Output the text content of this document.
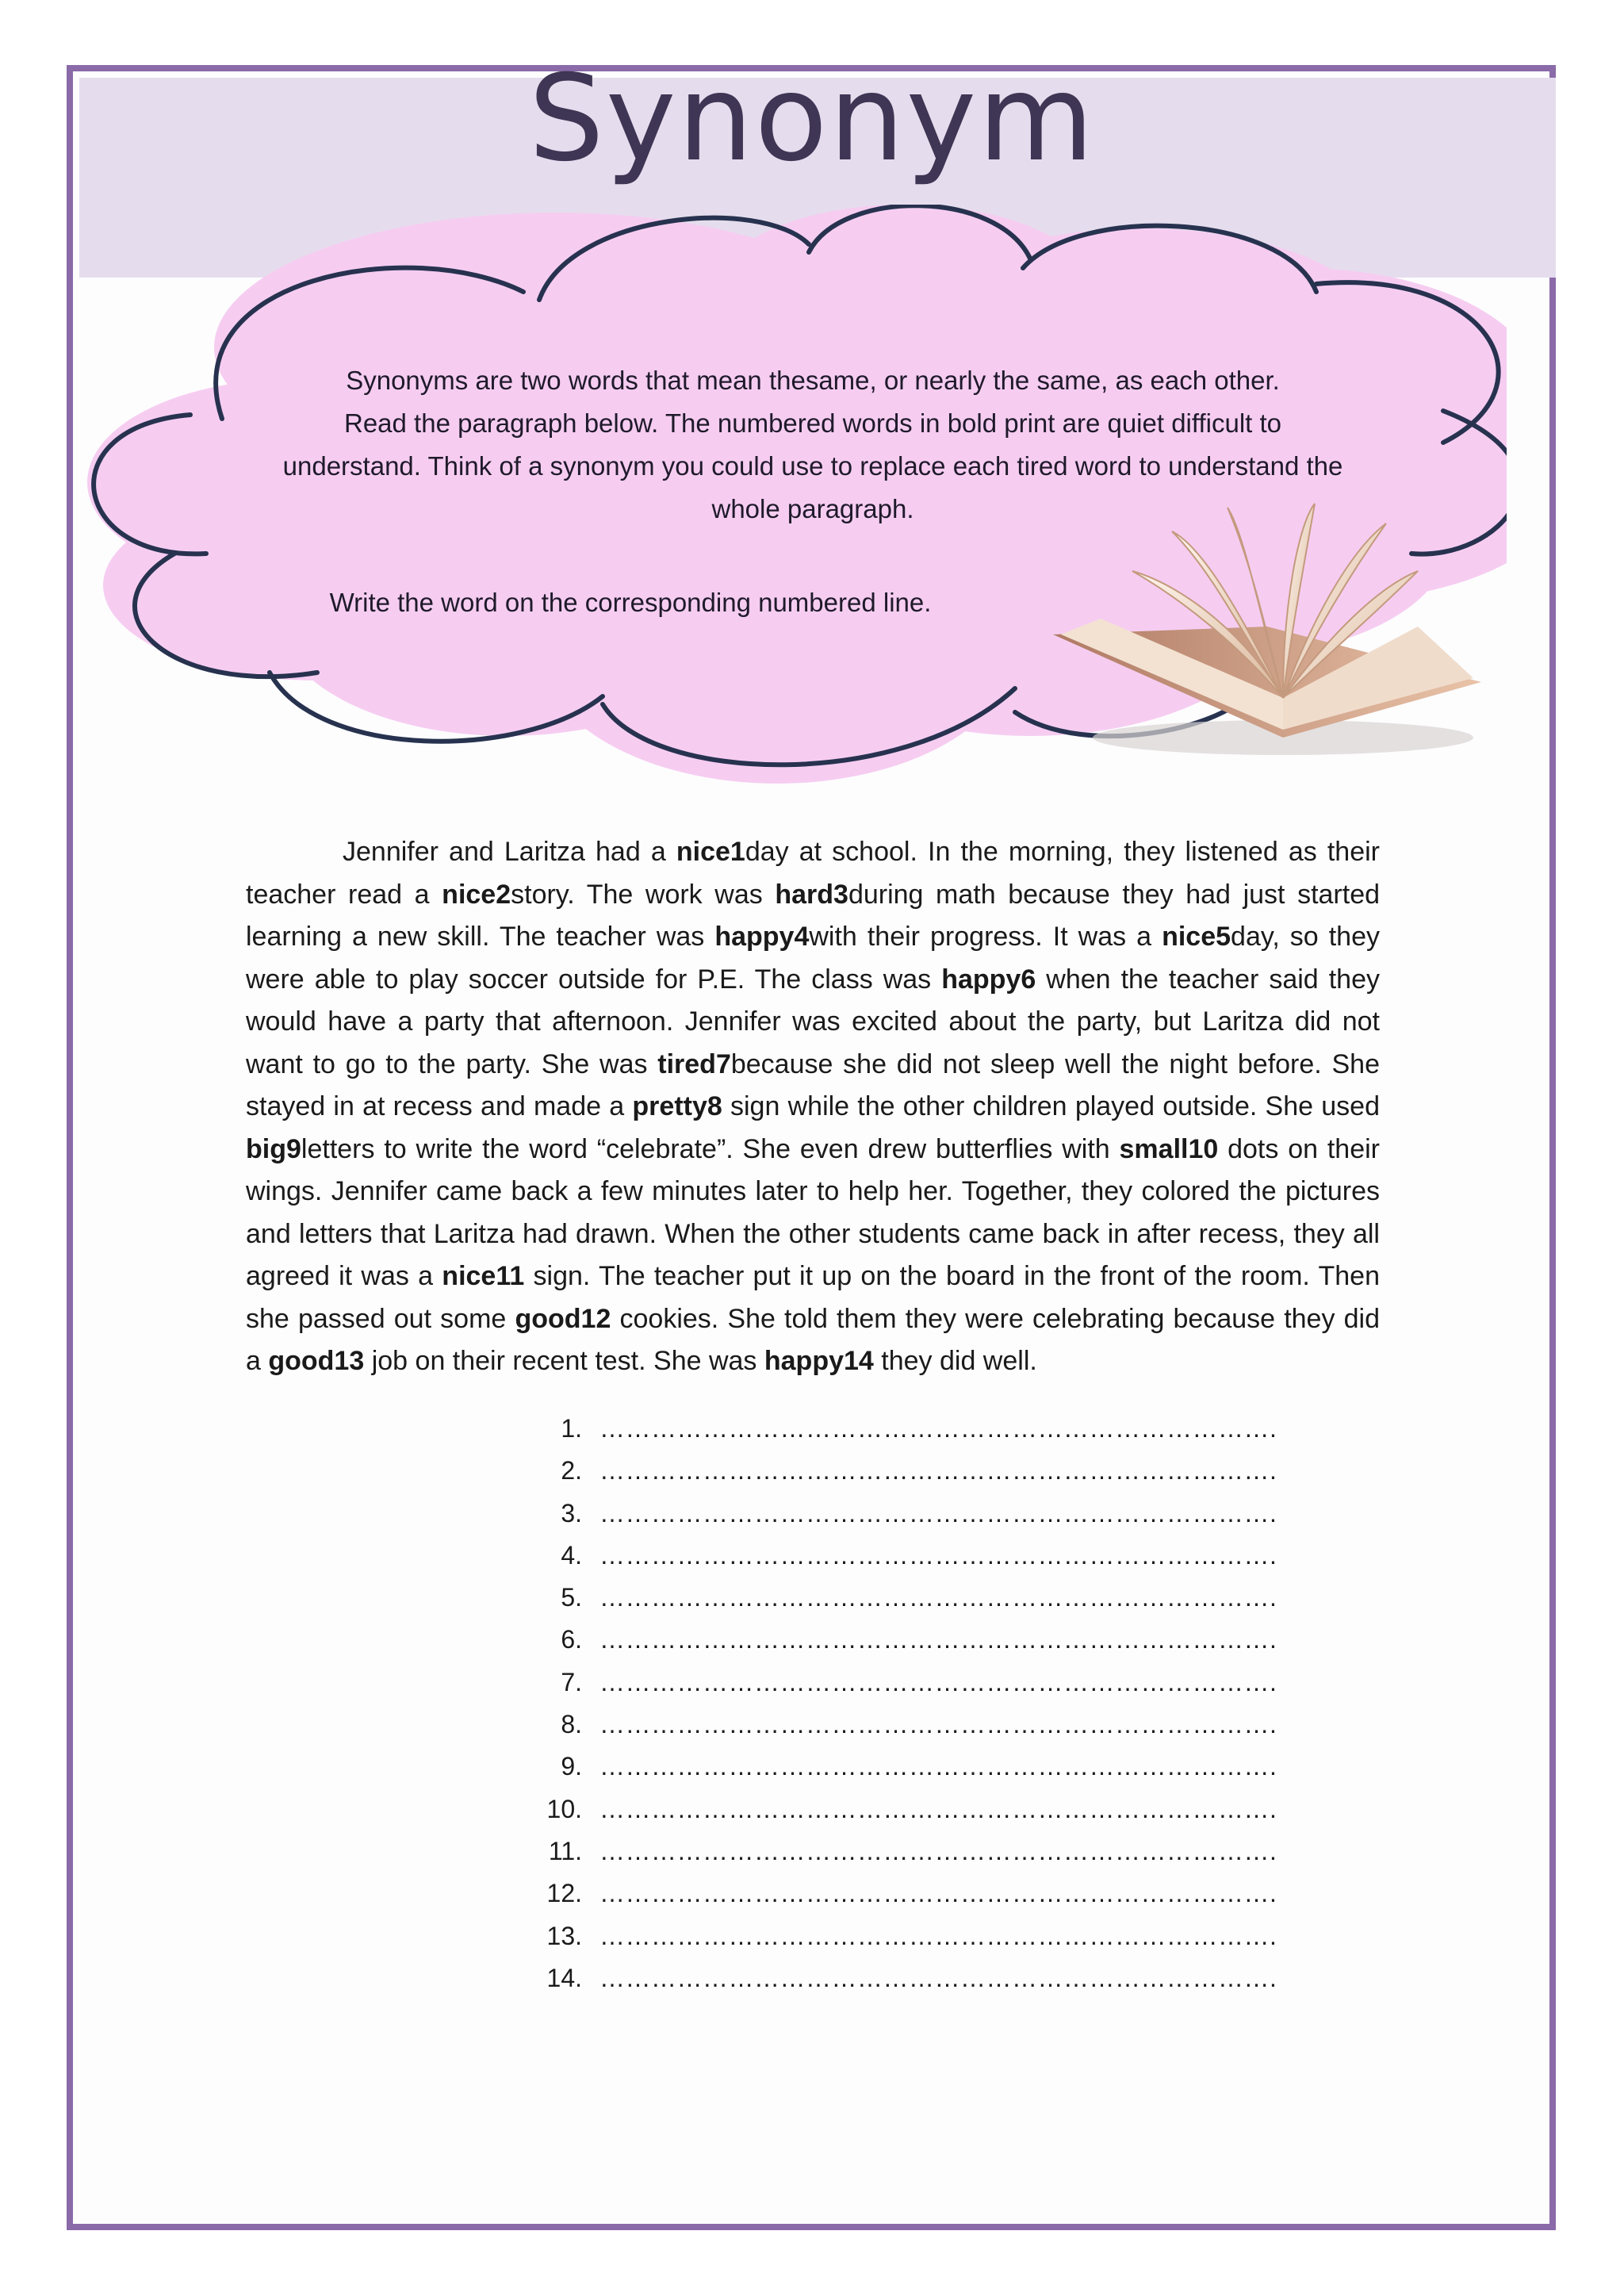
Synonym

Synonyms are two words that mean thesame, or nearly the same, as each other.

Read the paragraph below. The numbered words in bold print are quiet difficult to
understand. Think of a synonym you could use to replace each tired word to understand the
whole paragraph.

Write the word on the corresponding numbered line.

Jennifer and Laritza had a nice1day at school. In the morning, they listened as their teacher read a nice2story. The work was hard3during math because they had just started learning a new skill. The teacher was happy4with their progress. It was a nice5day, so they were able to play soccer outside for P.E. The class was happy6 when the teacher said they would have a party that afternoon. Jennifer was excited about the party, but Laritza did not want to go to the party. She was tired7because she did not sleep well the night before. She stayed in at recess and made a pretty8 sign while the other children played outside. She used big9letters to write the word “celebrate”. She even drew butterflies with small10 dots on their wings. Jennifer came back a few minutes later to help her. Together, they colored the pictures and letters that Laritza had drawn. When the other students came back in after recess, they all agreed it was a nice11 sign. The teacher put it up on the board in the front of the room. Then she passed out some good12 cookies. She told them they were celebrating because they did a good13 job on their recent test. She was happy14 they did well.

1. …………………………………………………………………….
2. …………………………………………………………………….
3. …………………………………………………………………….
4. …………………………………………………………………….
5. …………………………………………………………………….
6. …………………………………………………………………….
7. …………………………………………………………………….
8. …………………………………………………………………….
9. …………………………………………………………………….
10. …………………………………………………………………….
11. …………………………………………………………………….
12. …………………………………………………………………….
13. …………………………………………………………………….
14. …………………………………………………………………….
